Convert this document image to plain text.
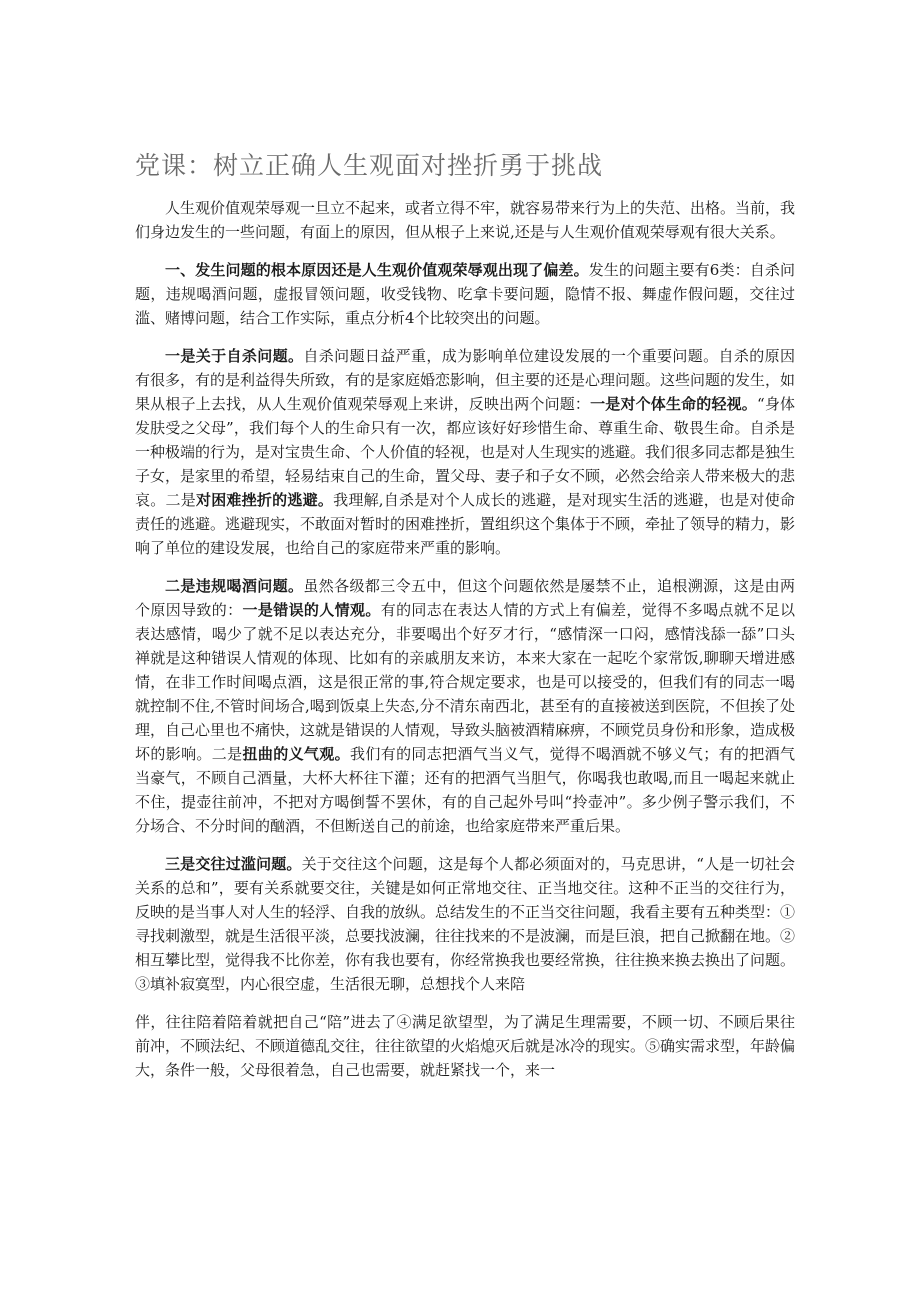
党课：树立正确人生观面对挫折勇于挑战

人生观价值观荣辱观一旦立不起来，或者立得不牢，就容易带来行为上的失范、出格。当前，我们身边发生的一些问题，有面上的原因，但从根子上来说,还是与人生观价值观荣辱观有很大关系。

一、发生问题的根本原因还是人生观价值观荣辱观出现了偏差。发生的问题主要有6类：自杀问题，违规喝酒问题，虚报冒领问题，收受钱物、吃拿卡要问题，隐情不报、舞虚作假问题，交往过滥、赌博问题，结合工作实际，重点分析4个比较突出的问题。

一是关于自杀问题。自杀问题日益严重，成为影响单位建设发展的一个重要问题。自杀的原因有很多，有的是利益得失所致，有的是家庭婚恋影响，但主要的还是心理问题。这些问题的发生，如果从根子上去找，从人生观价值观荣辱观上来讲，反映出两个问题：一是对个体生命的轻视。“身体发肤受之父母”，我们每个人的生命只有一次，都应该好好珍惜生命、尊重生命、敬畏生命。自杀是一种极端的行为，是对宝贵生命、个人价值的轻视，也是对人生现实的逃避。我们很多同志都是独生子女，是家里的希望，轻易结束自己的生命，置父母、妻子和子女不顾，必然会给亲人带来极大的悲哀。二是对困难挫折的逃避。我理解,自杀是对个人成长的逃避，是对现实生活的逃避，也是对使命责任的逃避。逃避现实，不敢面对暂时的困难挫折，置组织这个集体于不顾，牵扯了领导的精力，影响了单位的建设发展，也给自己的家庭带来严重的影响。

二是违规喝酒问题。虽然各级都三令五中，但这个问题依然是屡禁不止，追根溯源，这是由两个原因导致的：一是错误的人情观。有的同志在表达人情的方式上有偏差，觉得不多喝点就不足以表达感情，喝少了就不足以表达充分，非要喝出个好歹才行，“感情深一口闷，感情浅舔一舔”口头禅就是这种错误人情观的体现、比如有的亲戚朋友来访，本来大家在一起吃个家常饭,聊聊天增进感情，在非工作时间喝点酒，这是很正常的事,符合规定要求，也是可以接受的，但我们有的同志一喝就控制不住,不管时间场合,喝到饭桌上失态,分不清东南西北，甚至有的直接被送到医院，不但挨了处理，自己心里也不痛快，这就是错误的人情观，导致头脑被酒精麻痹，不顾党员身份和形象，造成极坏的影响。二是扭曲的义气观。我们有的同志把酒气当义气，觉得不喝酒就不够义气；有的把酒气当豪气，不顾自己酒量，大杯大杯往下灌；还有的把酒气当胆气，你喝我也敢喝,而且一喝起来就止不住，提壶往前冲，不把对方喝倒誓不罢休，有的自己起外号叫“拎壶冲”。多少例子警示我们，不分场合、不分时间的酗酒，不但断送自己的前途，也给家庭带来严重后果。

三是交往过滥问题。关于交往这个问题，这是每个人都必须面对的，马克思讲，“人是一切社会关系的总和”，要有关系就要交往，关键是如何正常地交往、正当地交往。这种不正当的交往行为，反映的是当事人对人生的轻浮、自我的放纵。总结发生的不正当交往问题，我看主要有五种类型：①寻找刺激型，就是生活很平淡，总要找波澜，往往找来的不是波澜，而是巨浪，把自己掀翻在地。②相互攀比型，觉得我不比你差，你有我也要有，你经常换我也要经常换，往往换来换去换出了问题。③填补寂寞型，内心很空虚，生活很无聊，总想找个人来陪

伴，往往陪着陪着就把自己“陪”进去了④满足欲望型，为了满足生理需要，不顾一切、不顾后果往前冲，不顾法纪、不顾道德乱交往，往往欲望的火焰熄灭后就是冰冷的现实。⑤确实需求型，年龄偏大，条件一般，父母很着急，自己也需要，就赶紧找一个，来一
